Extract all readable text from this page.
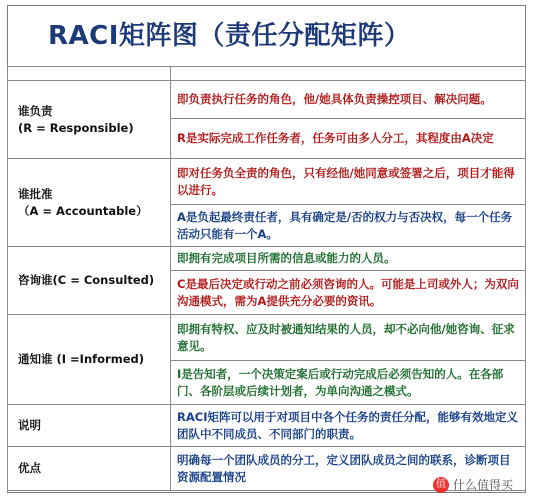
RACI矩阵图（责任分配矩阵）

谁负责
(R = Responsible)	即负责执行任务的角色，他/她具体负责操控项目、解决问题。
	R是实际完成工作任务者，任务可由多人分工，其程度由A决定
谁批准
（A = Accountable）	即对任务负全责的角色，只有经他/她同意或签署之后，项目才能得以进行。
	A是负起最终责任者，具有确定是/否的权力与否决权，每一个任务活动只能有一个A。
咨询谁(C = Consulted)	即拥有完成项目所需的信息或能力的人员。
	C是最后决定或行动之前必须咨询的人。可能是上司或外人；为双向沟通模式，需为A提供充分必要的资讯。
通知谁 (I =Informed)	即拥有特权、应及时被通知结果的人员，却不必向他/她咨询、征求意见。
	I是告知者，一个决策定案后或行动完成后必须告知的人。在各部门、各阶层或后续计划者，为单向沟通之模式。
说明	RACI矩阵可以用于对项目中各个任务的责任分配，能够有效地定义团队中不同成员、不同部门的职责。
优点	明确每一个团队成员的分工，定义团队成员之间的联系，诊断项目资源配置情况
值 什么值得买
